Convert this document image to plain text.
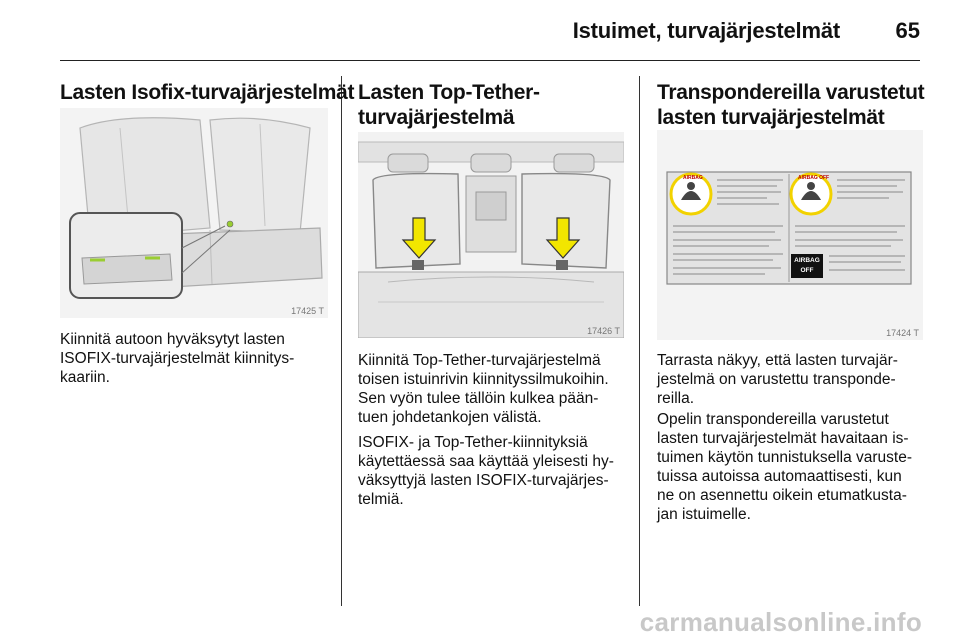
Istuimet, turvajärjestelmät	65
Lasten Isofix-turvajärjestelmät
17425 T
Kiinnitä autoon hyväksytyt lasten
ISOFIX-turvajärjestelmät kiinnitys-
kaariin.
Lasten Top-Tether-
turvajärjestelmä
17426 T
Kiinnitä Top-Tether-turvajärjestelmä
toisen istuinrivin kiinnityssilmukoihin.
Sen vyön tulee tällöin kulkea pään-
tuen johdetankojen välistä.
ISOFIX- ja Top-Tether-kiinnityksiä
käytettäessä saa käyttää yleisesti hy-
väksyttyjä lasten ISOFIX-turvajärjes-
telmiä.
Transpondereilla varustetut
lasten turvajärjestelmät
AIRBAG	AIRBAG OFF
AIRBAG
OFF
17424 T
Tarrasta näkyy, että lasten turvajär-
jestelmä on varustettu transponde-
reilla.
Opelin transpondereilla varustetut
lasten turvajärjestelmät havaitaan is-
tuimen käytön tunnistuksella varuste-
tuissa autoissa automaattisesti, kun
ne on asennettu oikein etumatkusta-
jan istuimelle.
carmanualsonline.info
